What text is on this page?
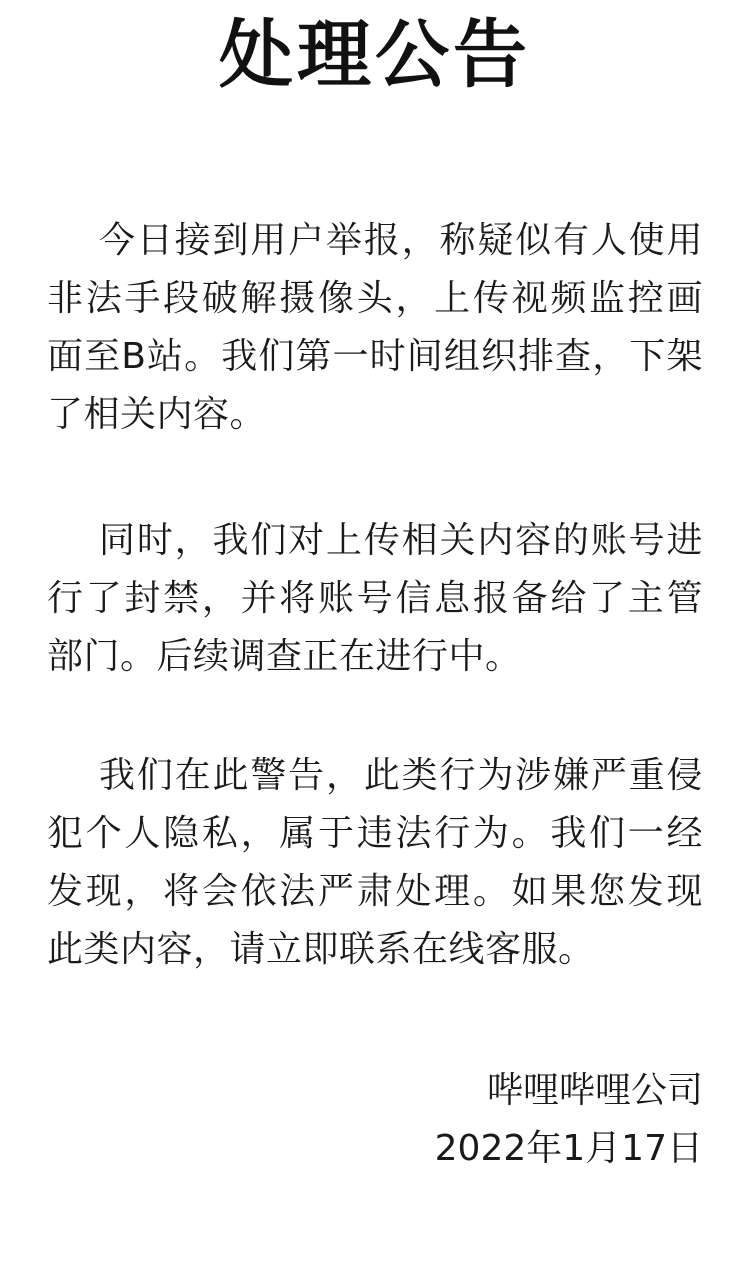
处理公告

今日接到用户举报，称疑似有人使用非法手段破解摄像头，上传视频监控画面至B站。我们第一时间组织排查，下架了相关内容。

同时，我们对上传相关内容的账号进行了封禁，并将账号信息报备给了主管部门。后续调查正在进行中。

我们在此警告，此类行为涉嫌严重侵犯个人隐私，属于违法行为。我们一经发现，将会依法严肃处理。如果您发现此类内容，请立即联系在线客服。

哔哩哔哩公司
2022年1月17日
